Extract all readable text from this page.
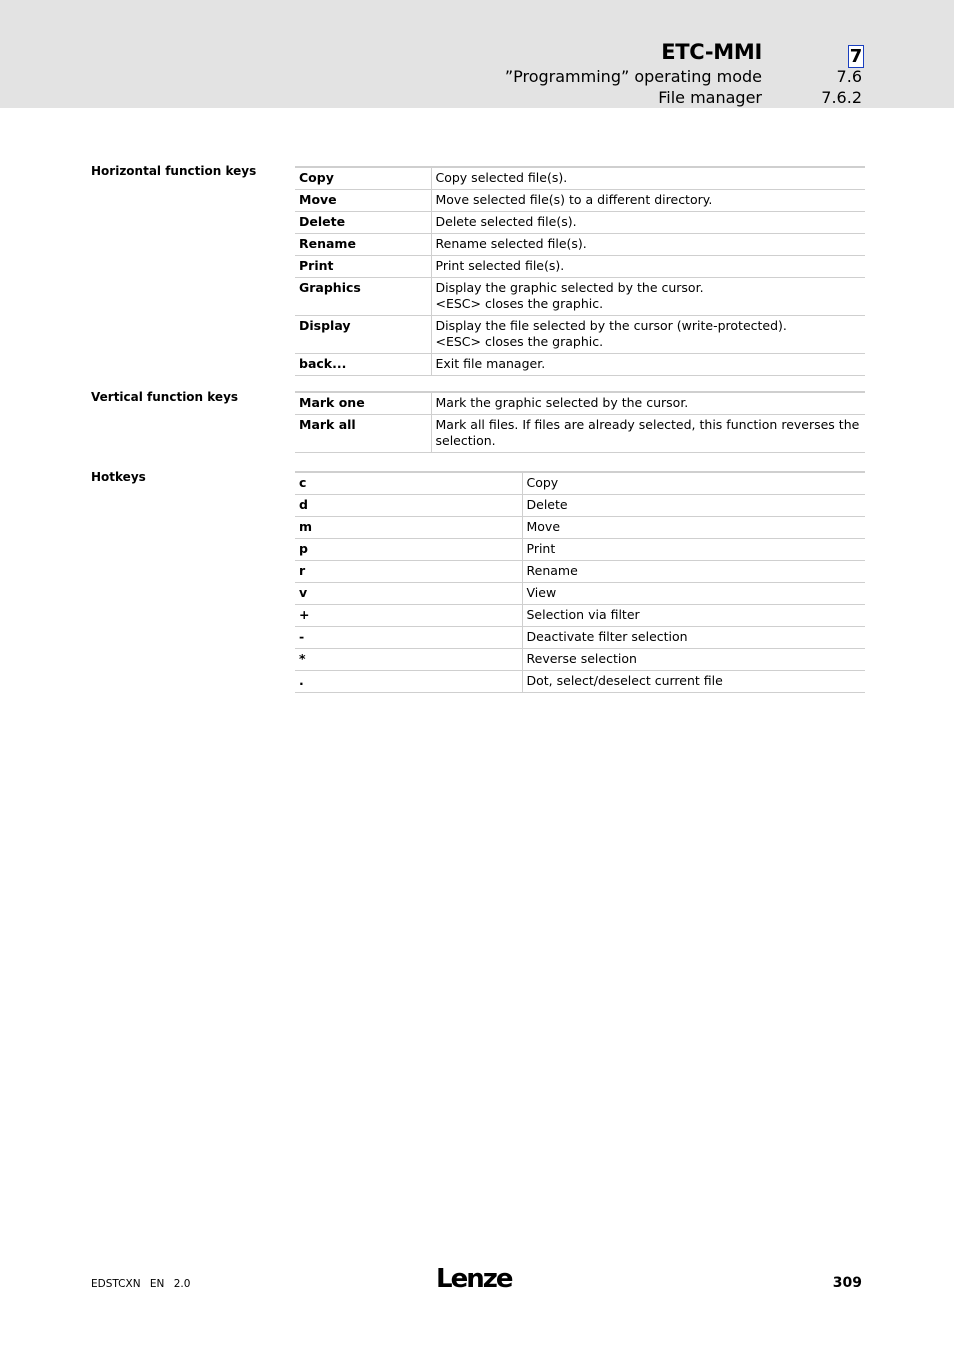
ETC-MMI	7
”Programming” operating mode	7.6
File manager	7.6.2
Horizontal function keys	Copy	Copy selected file(s).

Move	Move selected file(s) to a different directory.

Delete	Delete selected file(s).

Rename	Rename selected file(s).

Print	Print selected file(s).

Graphics	Display the graphic selected by the cursor.
<ESC> closes the graphic.

Display	Display the file selected by the cursor (write-protected).
<ESC> closes the graphic.

back...	Exit file manager.
Vertical function keys	Mark one	Mark the graphic selected by the cursor.

Mark all	Mark all files. If files are already selected, this function reverses the selection.
Hotkeys	c	Copy

d	Delete

m	Move

p	Print

r	Rename

v	View

+	Selection via filter

-	Deactivate filter selection

*	Reverse selection

.	Dot, select/deselect current file
EDSTCXN EN 2.0	Lenze	309
